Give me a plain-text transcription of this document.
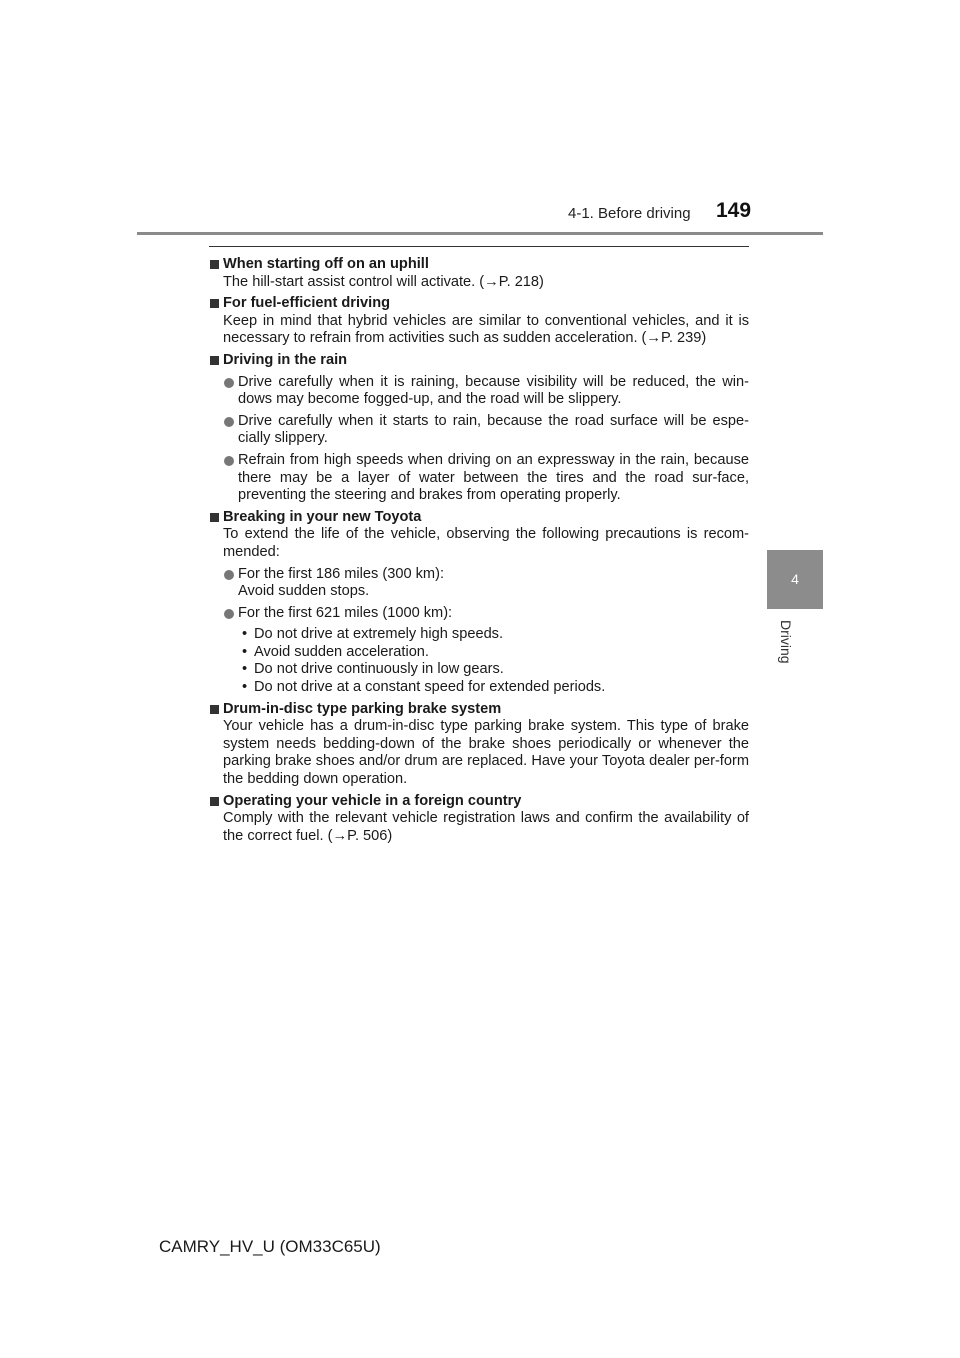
4-1. Before driving 149
4
Driving
When starting off on an uphill
The hill-start assist control will activate. (→P. 218)
For fuel-efficient driving
Keep in mind that hybrid vehicles are similar to conventional vehicles, and it is necessary to refrain from activities such as sudden acceleration. (→P. 239)
Driving in the rain
Drive carefully when it is raining, because visibility will be reduced, the win-dows may become fogged-up, and the road will be slippery.
Drive carefully when it starts to rain, because the road surface will be espe-cially slippery.
Refrain from high speeds when driving on an expressway in the rain, because there may be a layer of water between the tires and the road sur-face, preventing the steering and brakes from operating properly.
Breaking in your new Toyota
To extend the life of the vehicle, observing the following precautions is recom-mended:
For the first 186 miles (300 km):
Avoid sudden stops.
For the first 621 miles (1000 km):
• Do not drive at extremely high speeds.
• Avoid sudden acceleration.
• Do not drive continuously in low gears.
• Do not drive at a constant speed for extended periods.
Drum-in-disc type parking brake system
Your vehicle has a drum-in-disc type parking brake system. This type of brake system needs bedding-down of the brake shoes periodically or whenever the parking brake shoes and/or drum are replaced. Have your Toyota dealer per-form the bedding down operation.
Operating your vehicle in a foreign country
Comply with the relevant vehicle registration laws and confirm the availability of the correct fuel. (→P. 506)
CAMRY_HV_U (OM33C65U)
